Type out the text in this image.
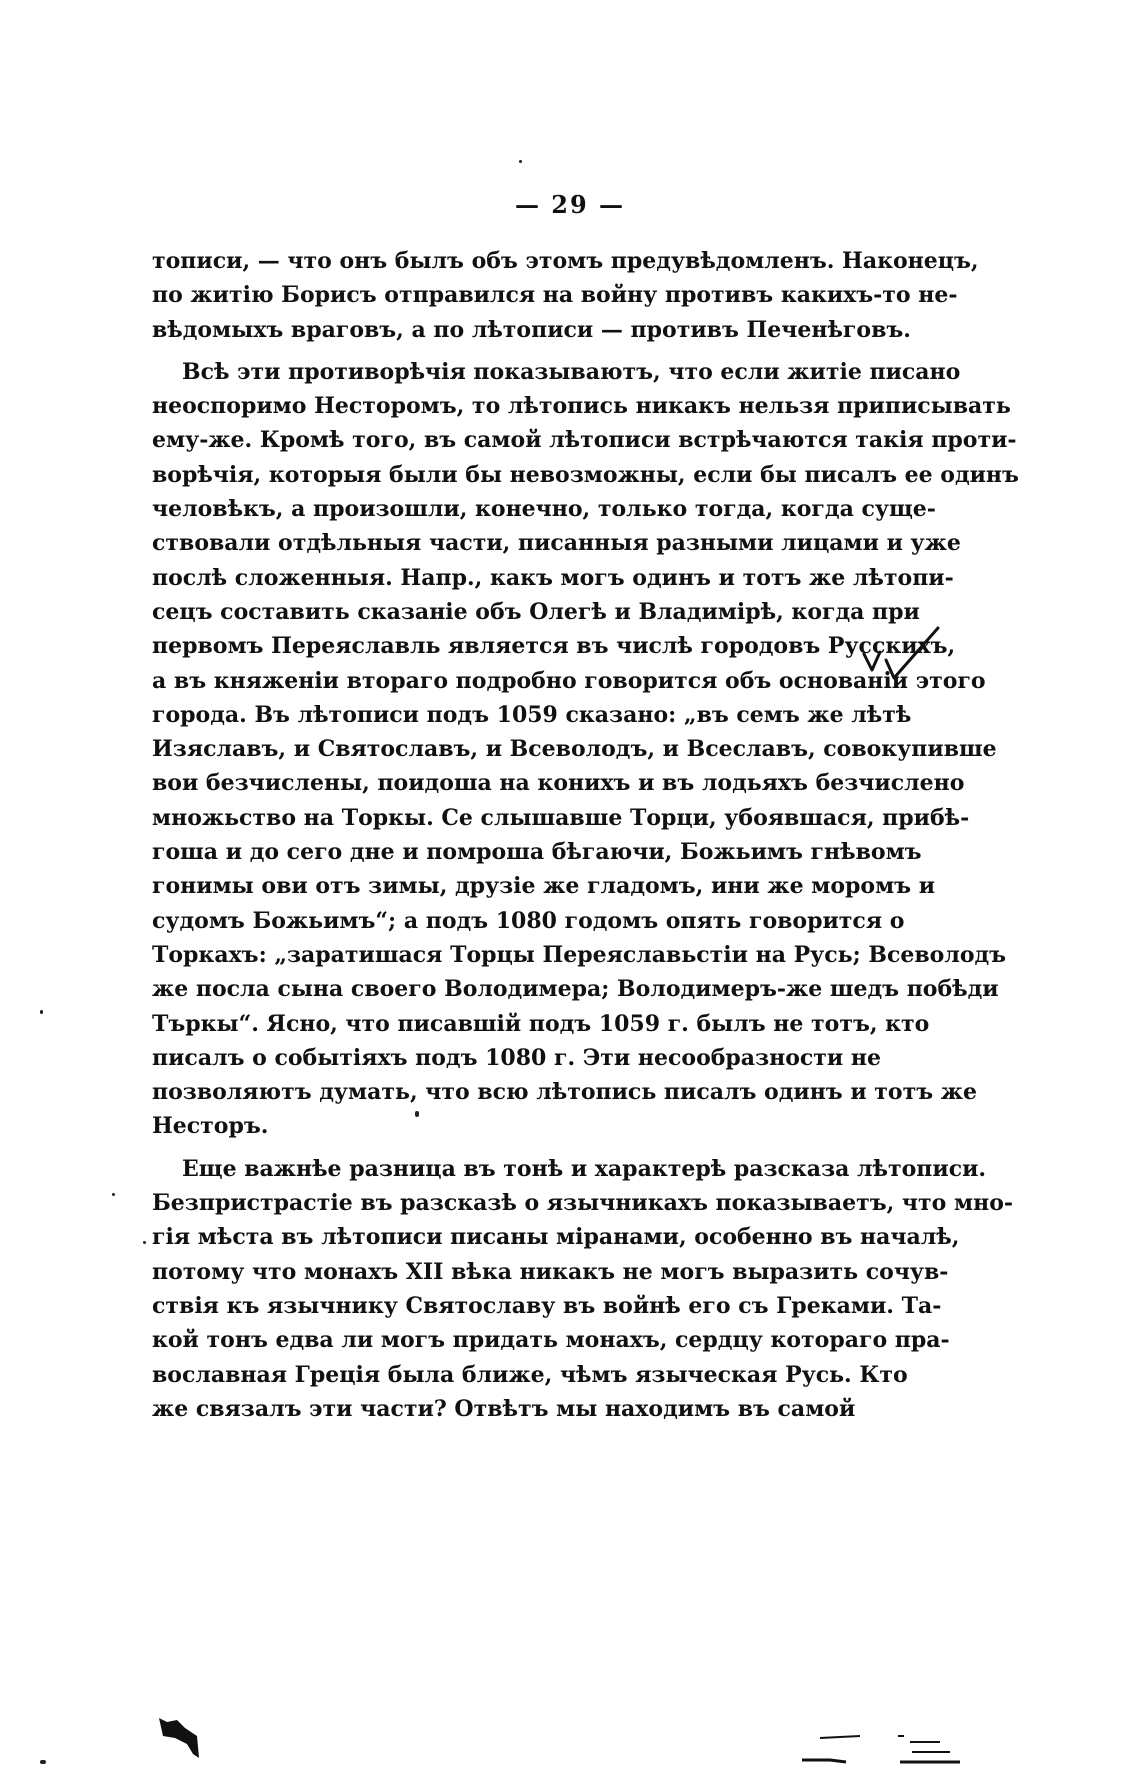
— 29 —
тописи, — что онъ былъ объ этомъ предувѣдомленъ. Наконецъ,
по житію Борисъ отправился на войну противъ какихъ-то не-
вѣдомыхъ враговъ, а по лѣтописи — противъ Печенѣговъ.
Всѣ эти противорѣчія показываютъ, что если житіе писано
неоспоримо Несторомъ, то лѣтопись никакъ нельзя приписывать
ему-же. Кромѣ того, въ самой лѣтописи встрѣчаются такія проти-
ворѣчія, которыя были бы невозможны, если бы писалъ ее одинъ
человѣкъ, а произошли, конечно, только тогда, когда суще-
ствовали отдѣльныя части, писанныя разными лицами и уже
послѣ сложенныя. Напр., какъ могъ одинъ и тотъ же лѣтопи-
сецъ составить сказаніе объ Олегѣ и Владимірѣ, когда при
первомъ Переяславль является въ числѣ городовъ Русскихъ,
а въ княженіи втораго подробно говорится объ основаніи этого
города. Въ лѣтописи подъ 1059 сказано: „въ семъ же лѣтѣ
Изяславъ, и Святославъ, и Всеволодъ, и Всеславъ, совокупивше
вои безчислены, поидоша на конихъ и въ лодьяхъ безчислено
множьство на Торкы. Се слышавше Торци, убоявшася, прибѣ-
гоша и до сего дне и помроша бѣгаючи, Божьимъ гнѣвомъ
гонимы ови отъ зимы, друзіе же гладомъ, ини же моромъ и
судомъ Божьимъ“; а подъ 1080 годомъ опять говорится о
Торкахъ: „заратишася Торцы Переяславьстіи на Русь; Всеволодъ
же посла сына своего Володимера; Володимеръ-же шедъ побѣди
Търкы“. Ясно, что писавшій подъ 1059 г. былъ не тотъ, кто
писалъ о событіяхъ подъ 1080 г. Эти несообразности не
позволяютъ думать, что всю лѣтопись писалъ одинъ и тотъ же
Несторъ.
Еще важнѣе разница въ тонѣ и характерѣ разсказа лѣтописи.
Безпристрастіе въ разсказѣ о язычникахъ показываетъ, что мно-
гія мѣста въ лѣтописи писаны міранами, особенно въ началѣ,
потому что монахъ XII вѣка никакъ не могъ выразить сочув-
ствія къ язычнику Святославу въ войнѣ его съ Греками. Та-
кой тонъ едва ли могъ придать монахъ, сердцу котораго пра-
вославная Греція была ближе, чѣмъ языческая Русь. Кто
же связалъ эти части? Отвѣтъ мы находимъ въ самой
